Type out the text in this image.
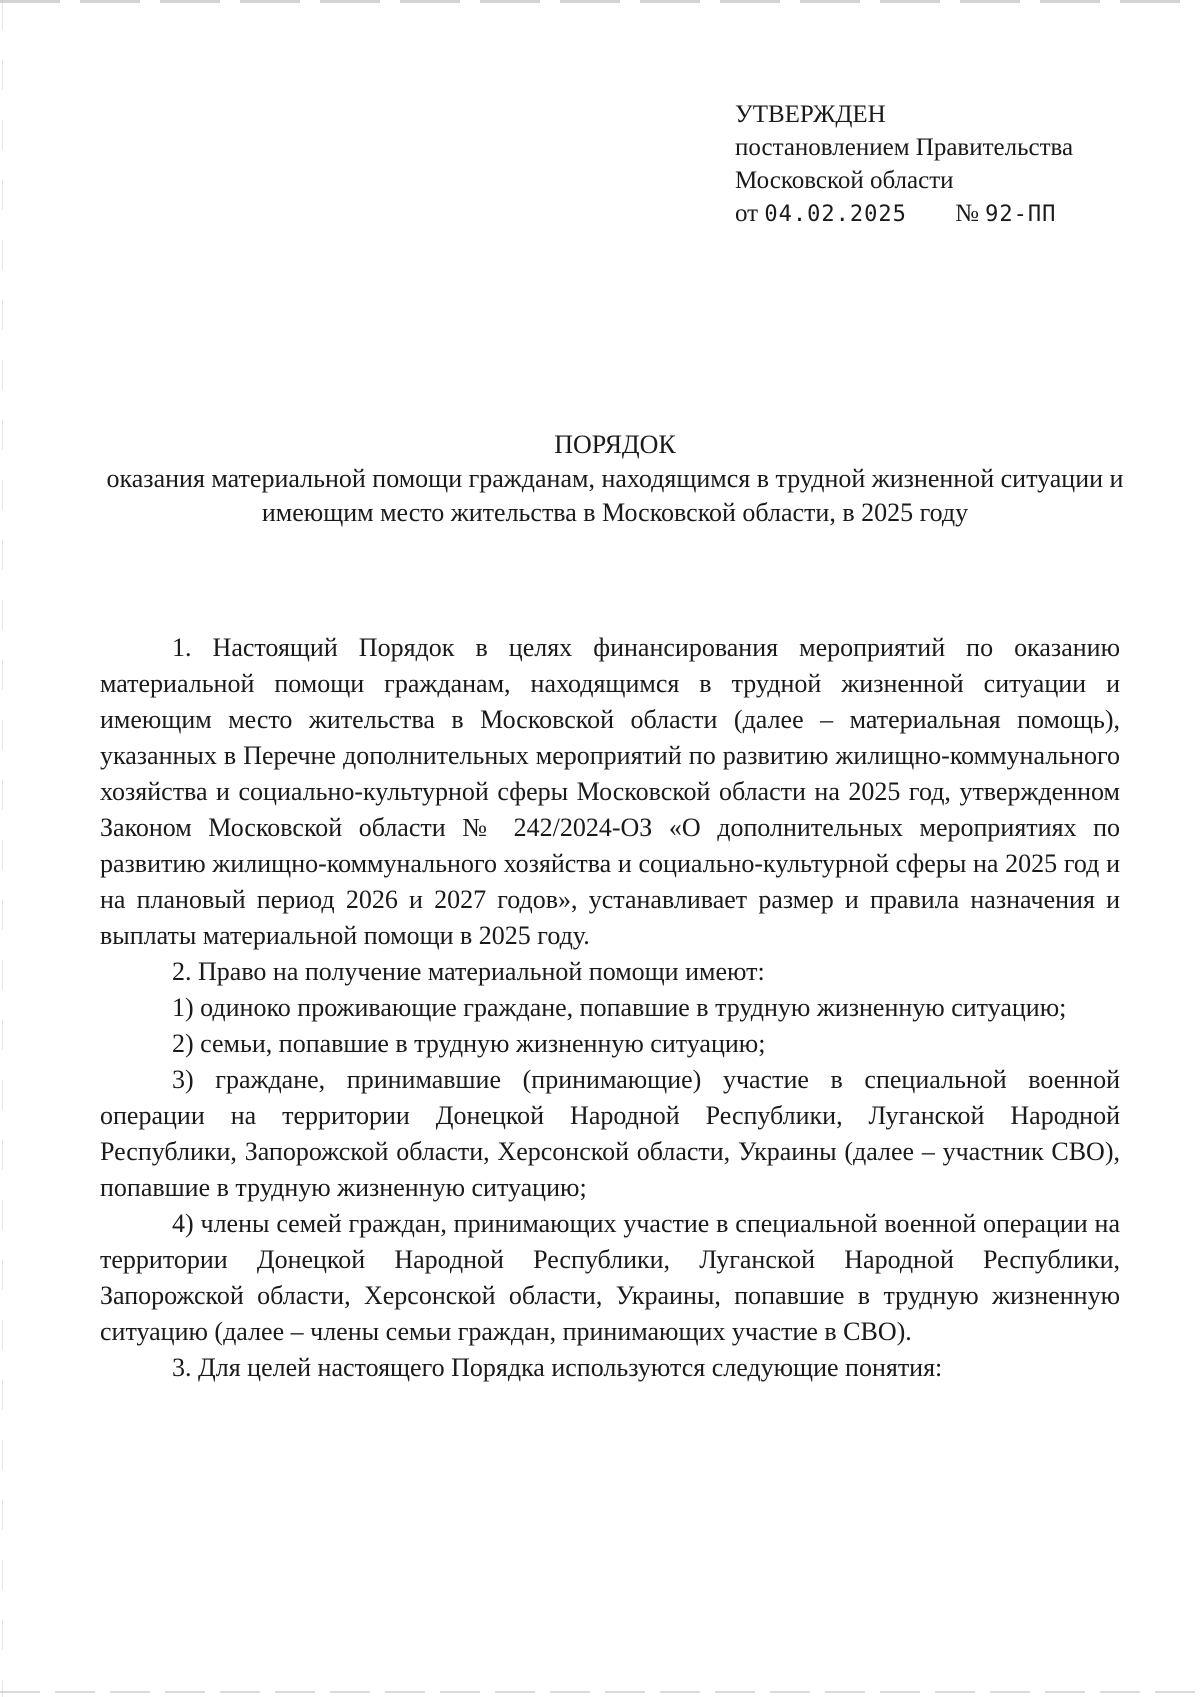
УТВЕРЖДЕН
постановлением Правительства
Московской области
от 04.02.2025 № 92-ПП
ПОРЯДОК
оказания материальной помощи гражданам, находящимся в трудной жизненной ситуации и имеющим место жительства в Московской области, в 2025 году

1. Настоящий Порядок в целях финансирования мероприятий по оказанию материальной помощи гражданам, находящимся в трудной жизненной ситуации и имеющим место жительства в Московской области (далее – материальная помощь), указанных в Перечне дополнительных мероприятий по развитию жилищно-коммунального хозяйства и социально-культурной сферы Московской области на 2025 год, утвержденном Законом Московской области № 242/2024-ОЗ «О дополнительных мероприятиях по развитию жилищно-коммунального хозяйства и социально-культурной сферы на 2025 год и на плановый период 2026 и 2027 годов», устанавливает размер и правила назначения и выплаты материальной помощи в 2025 году.

2. Право на получение материальной помощи имеют:

1) одиноко проживающие граждане, попавшие в трудную жизненную ситуацию;

2) семьи, попавшие в трудную жизненную ситуацию;

3) граждане, принимавшие (принимающие) участие в специальной военной операции на территории Донецкой Народной Республики, Луганской Народной Республики, Запорожской области, Херсонской области, Украины (далее – участник СВО), попавшие в трудную жизненную ситуацию;

4) члены семей граждан, принимающих участие в специальной военной операции на территории Донецкой Народной Республики, Луганской Народной Республики, Запорожской области, Херсонской области, Украины, попавшие в трудную жизненную ситуацию (далее – члены семьи граждан, принимающих участие в СВО).

3. Для целей настоящего Порядка используются следующие понятия:
